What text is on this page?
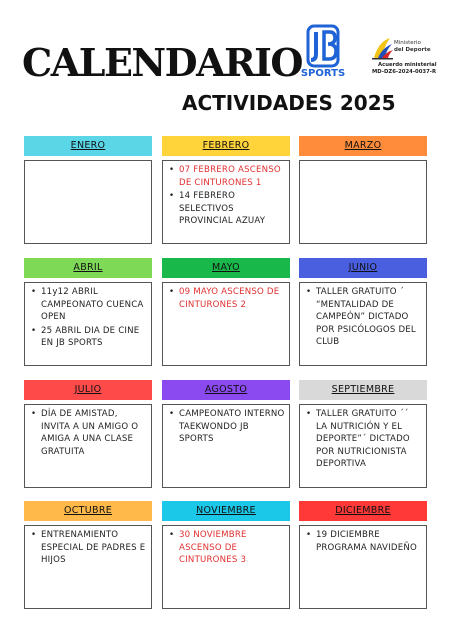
CALENDARIO
ACTIVIDADES 2025
SPORTS
Ministerio
del Deporte
Acuerdo ministerial
MD-DZ6-2024-0037-R
ENERO	FEBRERO
• 07 FEBRERO ASCENSO DE CINTURONES 1
• 14 FEBRERO SELECTIVOS PROVINCIAL AZUAY
MARZO
ABRIL
• 11y12 ABRIL CAMPEONATO CUENCA OPEN
• 25 ABRIL DIA DE CINE EN JB SPORTS
MAYO
• 09 MAYO ASCENSO DE CINTURONES 2
JUNIO
• TALLER GRATUITO ´ “MENTALIDAD DE CAMPEÓN” DICTADO POR PSICÓLOGOS DEL CLUB
JULIO
• DÍA DE AMISTAD, INVITA A UN AMIGO O AMIGA A UNA CLASE GRATUITA
AGOSTO
• CAMPEONATO INTERNO TAEKWONDO JB SPORTS
SEPTIEMBRE
• TALLER GRATUITO ´´ LA NUTRICIÓN Y EL DEPORTE”´ DICTADO POR NUTRICIONISTA DEPORTIVA
OCTUBRE
• ENTRENAMIENTO ESPECIAL DE PADRES E HIJOS
NOVIEMBRE
• 30 NOVIEMBRE ASCENSO DE CINTURONES 3
DICIEMBRE
• 19 DICIEMBRE PROGRAMA NAVIDEÑO
